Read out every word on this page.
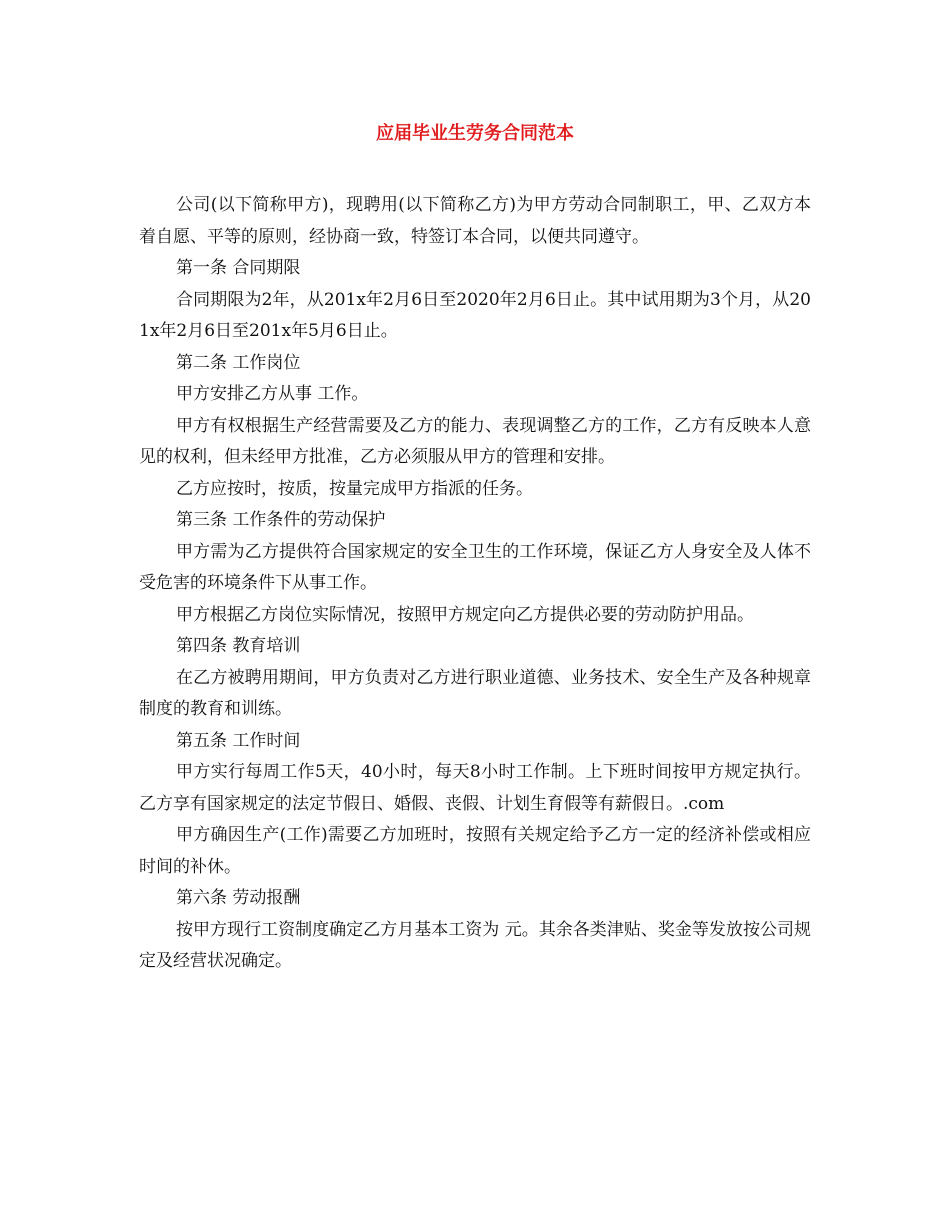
应届毕业生劳务合同范本

公司(以下简称甲方)，现聘用(以下简称乙方)为甲方劳动合同制职工，甲、乙双方本着自愿、平等的原则，经协商一致，特签订本合同，以便共同遵守。

第一条 合同期限

合同期限为2年，从201x年2月6日至2020年2月6日止。其中试用期为3个月，从201x年2月6日至201x年5月6日止。

第二条 工作岗位

甲方安排乙方从事 工作。

甲方有权根据生产经营需要及乙方的能力、表现调整乙方的工作，乙方有反映本人意见的权利，但未经甲方批准，乙方必须服从甲方的管理和安排。

乙方应按时，按质，按量完成甲方指派的任务。

第三条 工作条件的劳动保护

甲方需为乙方提供符合国家规定的安全卫生的工作环境，保证乙方人身安全及人体不受危害的环境条件下从事工作。

甲方根据乙方岗位实际情况，按照甲方规定向乙方提供必要的劳动防护用品。

第四条 教育培训

在乙方被聘用期间，甲方负责对乙方进行职业道德、业务技术、安全生产及各种规章制度的教育和训练。

第五条 工作时间

甲方实行每周工作5天，40小时，每天8小时工作制。上下班时间按甲方规定执行。乙方享有国家规定的法定节假日、婚假、丧假、计划生育假等有薪假日。.com

甲方确因生产(工作)需要乙方加班时，按照有关规定给予乙方一定的经济补偿或相应时间的补休。

第六条 劳动报酬

按甲方现行工资制度确定乙方月基本工资为 元。其余各类津贴、奖金等发放按公司规定及经营状况确定。
